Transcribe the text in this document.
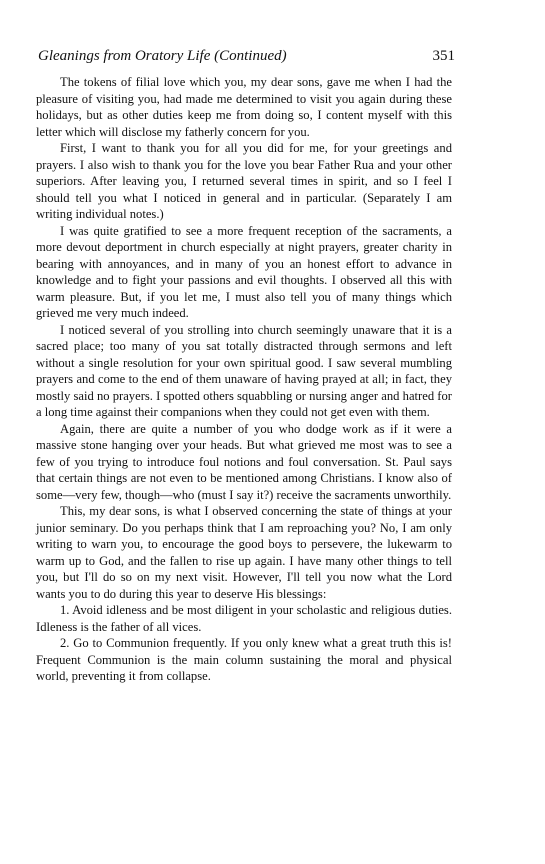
Gleanings from Oratory Life (Continued)	351

The tokens of filial love which you, my dear sons, gave me when I had the pleasure of visiting you, had made me determined to visit you again during these holidays, but as other duties keep me from doing so, I content myself with this letter which will disclose my fatherly concern for you.

First, I want to thank you for all you did for me, for your greetings and prayers. I also wish to thank you for the love you bear Father Rua and your other superiors. After leaving you, I returned several times in spirit, and so I feel I should tell you what I noticed in general and in particular. (Separately I am writing individual notes.)

I was quite gratified to see a more frequent reception of the sacraments, a more devout deportment in church especially at night prayers, greater charity in bearing with annoyances, and in many of you an honest effort to advance in knowledge and to fight your passions and evil thoughts. I observed all this with warm pleasure. But, if you let me, I must also tell you of many things which grieved me very much indeed.

I noticed several of you strolling into church seemingly unaware that it is a sacred place; too many of you sat totally distracted through sermons and left without a single resolution for your own spiritual good. I saw several mumbling prayers and come to the end of them unaware of having prayed at all; in fact, they mostly said no prayers. I spotted others squabbling or nursing anger and hatred for a long time against their companions when they could not get even with them.

Again, there are quite a number of you who dodge work as if it were a massive stone hanging over your heads. But what grieved me most was to see a few of you trying to introduce foul notions and foul conversation. St. Paul says that certain things are not even to be mentioned among Christians. I know also of some—very few, though—who (must I say it?) receive the sacraments unworthily.

This, my dear sons, is what I observed concerning the state of things at your junior seminary. Do you perhaps think that I am reproaching you? No, I am only writing to warn you, to encourage the good boys to persevere, the lukewarm to warm up to God, and the fallen to rise up again. I have many other things to tell you, but I'll do so on my next visit. However, I'll tell you now what the Lord wants you to do during this year to deserve His blessings:

1. Avoid idleness and be most diligent in your scholastic and religious duties. Idleness is the father of all vices.

2. Go to Communion frequently. If you only knew what a great truth this is! Frequent Communion is the main column sustaining the moral and physical world, preventing it from collapse.
